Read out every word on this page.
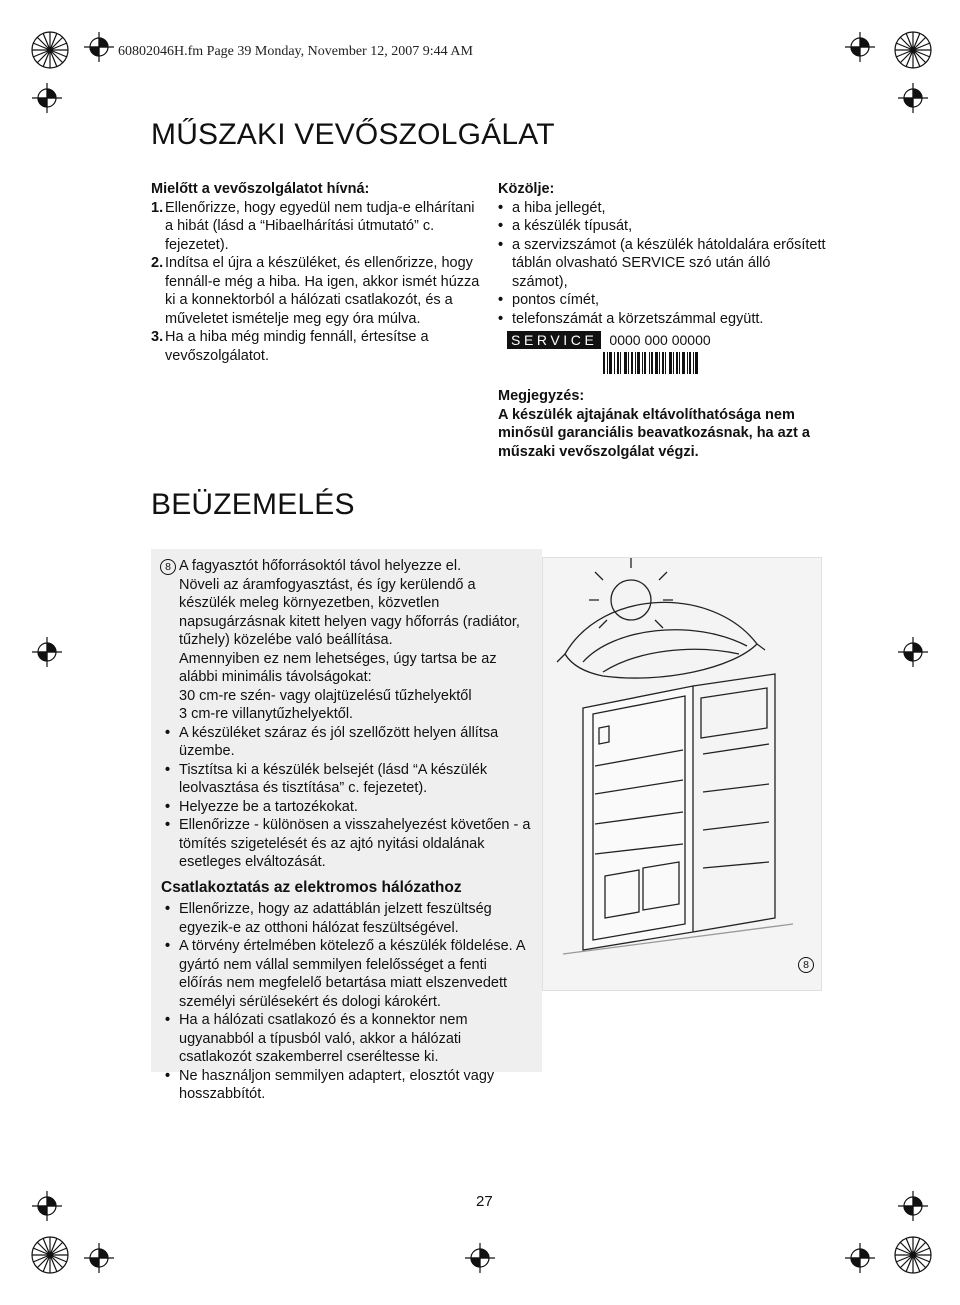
60802046H.fm Page 39 Monday, November 12, 2007 9:44 AM
MŰSZAKI VEVŐSZOLGÁLAT
Mielőtt a vevőszolgálatot hívná:
1. Ellenőrizze, hogy egyedül nem tudja-e elhárítani a hibát (lásd a “Hibaelhárítási útmutató” c. fejezetet).
2. Indítsa el újra a készüléket, és ellenőrizze, hogy fennáll-e még a hiba. Ha igen, akkor ismét húzza ki a konnektorból a hálózati csatlakozót, és a műveletet ismételje meg egy óra múlva.
3. Ha a hiba még mindig fennáll, értesítse a vevőszolgálatot.
Közölje:
• a hiba jellegét,
• a készülék típusát,
• a szervizszámot (a készülék hátoldalára erősített táblán olvasható SERVICE szó után álló számot),
• pontos címét,
• telefonszámát a körzetszámmal együtt.
SERVICE 0000 000 00000
Megjegyzés:
A készülék ajtajának eltávolíthatósága nem minősül garanciális beavatkozásnak, ha azt a műszaki vevőszolgálat végzi.
BEÜZEMELÉS
8 A fagyasztót hőforrásoktól távol helyezze el.
Növeli az áramfogyasztást, és így kerülendő a készülék meleg környezetben, közvetlen napsugárzásnak kitett helyen vagy hőforrás (radiátor, tűzhely) közelébe való beállítása.
Amennyiben ez nem lehetséges, úgy tartsa be az alábbi minimális távolságokat:
30 cm-re szén- vagy olajtüzelésű tűzhelyektől
3 cm-re villanytűzhelyektől.
• A készüléket száraz és jól szellőzött helyen állítsa üzembe.
• Tisztítsa ki a készülék belsejét (lásd “A készülék leolvasztása és tisztítása” c. fejezetet).
• Helyezze be a tartozékokat.
• Ellenőrizze - különösen a visszahelyezést követően - a tömítés szigetelését és az ajtó nyitási oldalának esetleges elváltozását.
Csatlakoztatás az elektromos hálózathoz
• Ellenőrizze, hogy az adattáblán jelzett feszültség egyezik-e az otthoni hálózat feszültségével.
• A törvény értelmében kötelező a készülék földelése. A gyártó nem vállal semmilyen felelősséget a fenti előírás nem megfelelő betartása miatt elszenvedett személyi sérülésekért és dologi károkért.
• Ha a hálózati csatlakozó és a konnektor nem ugyanabból a típusból való, akkor a hálózati csatlakozót szakemberrel cseréltesse ki.
• Ne használjon semmilyen adaptert, elosztót vagy hosszabbítót.
8
27
